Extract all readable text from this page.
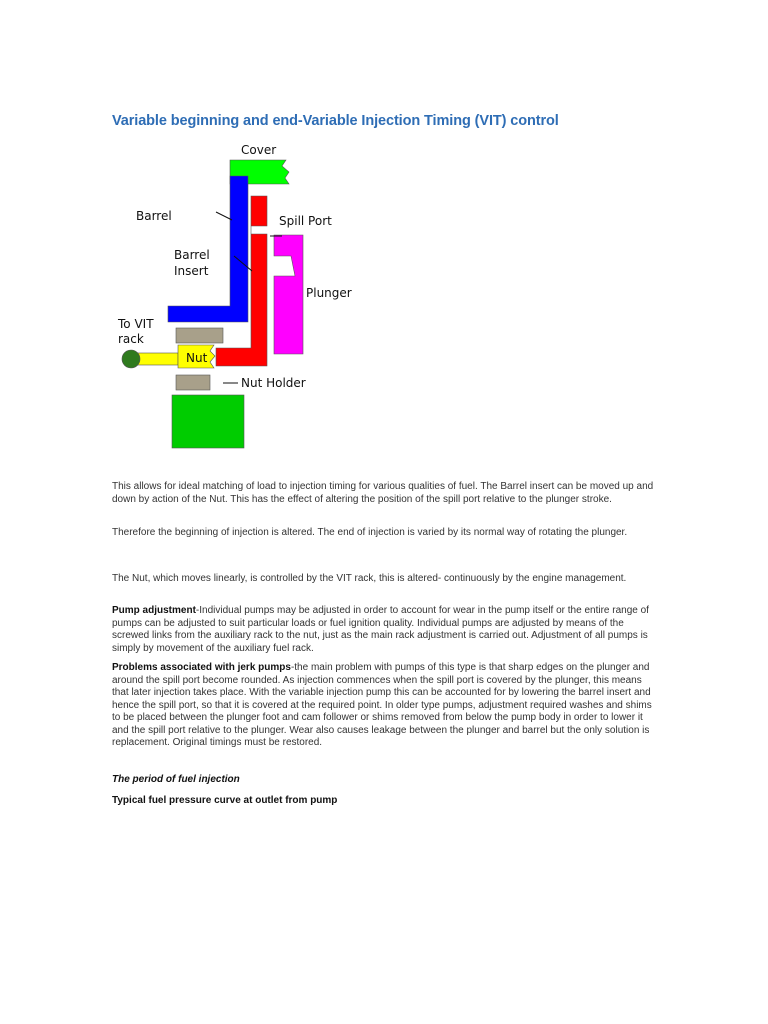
Variable beginning and end-Variable Injection Timing (VIT) control
Cover
Barrel	Spill Port
Barrel
Insert
Plunger
To VIT
rack
Nut
Nut Holder

This allows for ideal matching of load to injection timing for various qualities of fuel. The Barrel insert can be moved up and down by action of the Nut. This has the effect of altering the position of the spill port relative to the plunger stroke.

Therefore the beginning of injection is altered. The end of injection is varied by its normal way of rotating the plunger.

The Nut, which moves linearly, is controlled by the VIT rack, this is altered- continuously by the engine management.

Pump adjustment-Individual pumps may be adjusted in order to account for wear in the pump itself or the entire range of pumps can be adjusted to suit particular loads or fuel ignition quality. Individual pumps are adjusted by means of the screwed links from the auxiliary rack to the nut, just as the main rack adjustment is carried out. Adjustment of all pumps is simply by movement of the auxiliary fuel rack.

Problems associated with jerk pumps-the main problem with pumps of this type is that sharp edges on the plunger and around the spill port become rounded. As injection commences when the spill port is covered by the plunger, this means that later injection takes place. With the variable injection pump this can be accounted for by lowering the barrel insert and hence the spill port, so that it is covered at the required point. In older type pumps, adjustment required washes and shims to be placed between the plunger foot and cam follower or shims removed from below the pump body in order to lower it and the spill port relative to the plunger. Wear also causes leakage between the plunger and barrel but the only solution is replacement. Original timings must be restored.

The period of fuel injection
Typical fuel pressure curve at outlet from pump
